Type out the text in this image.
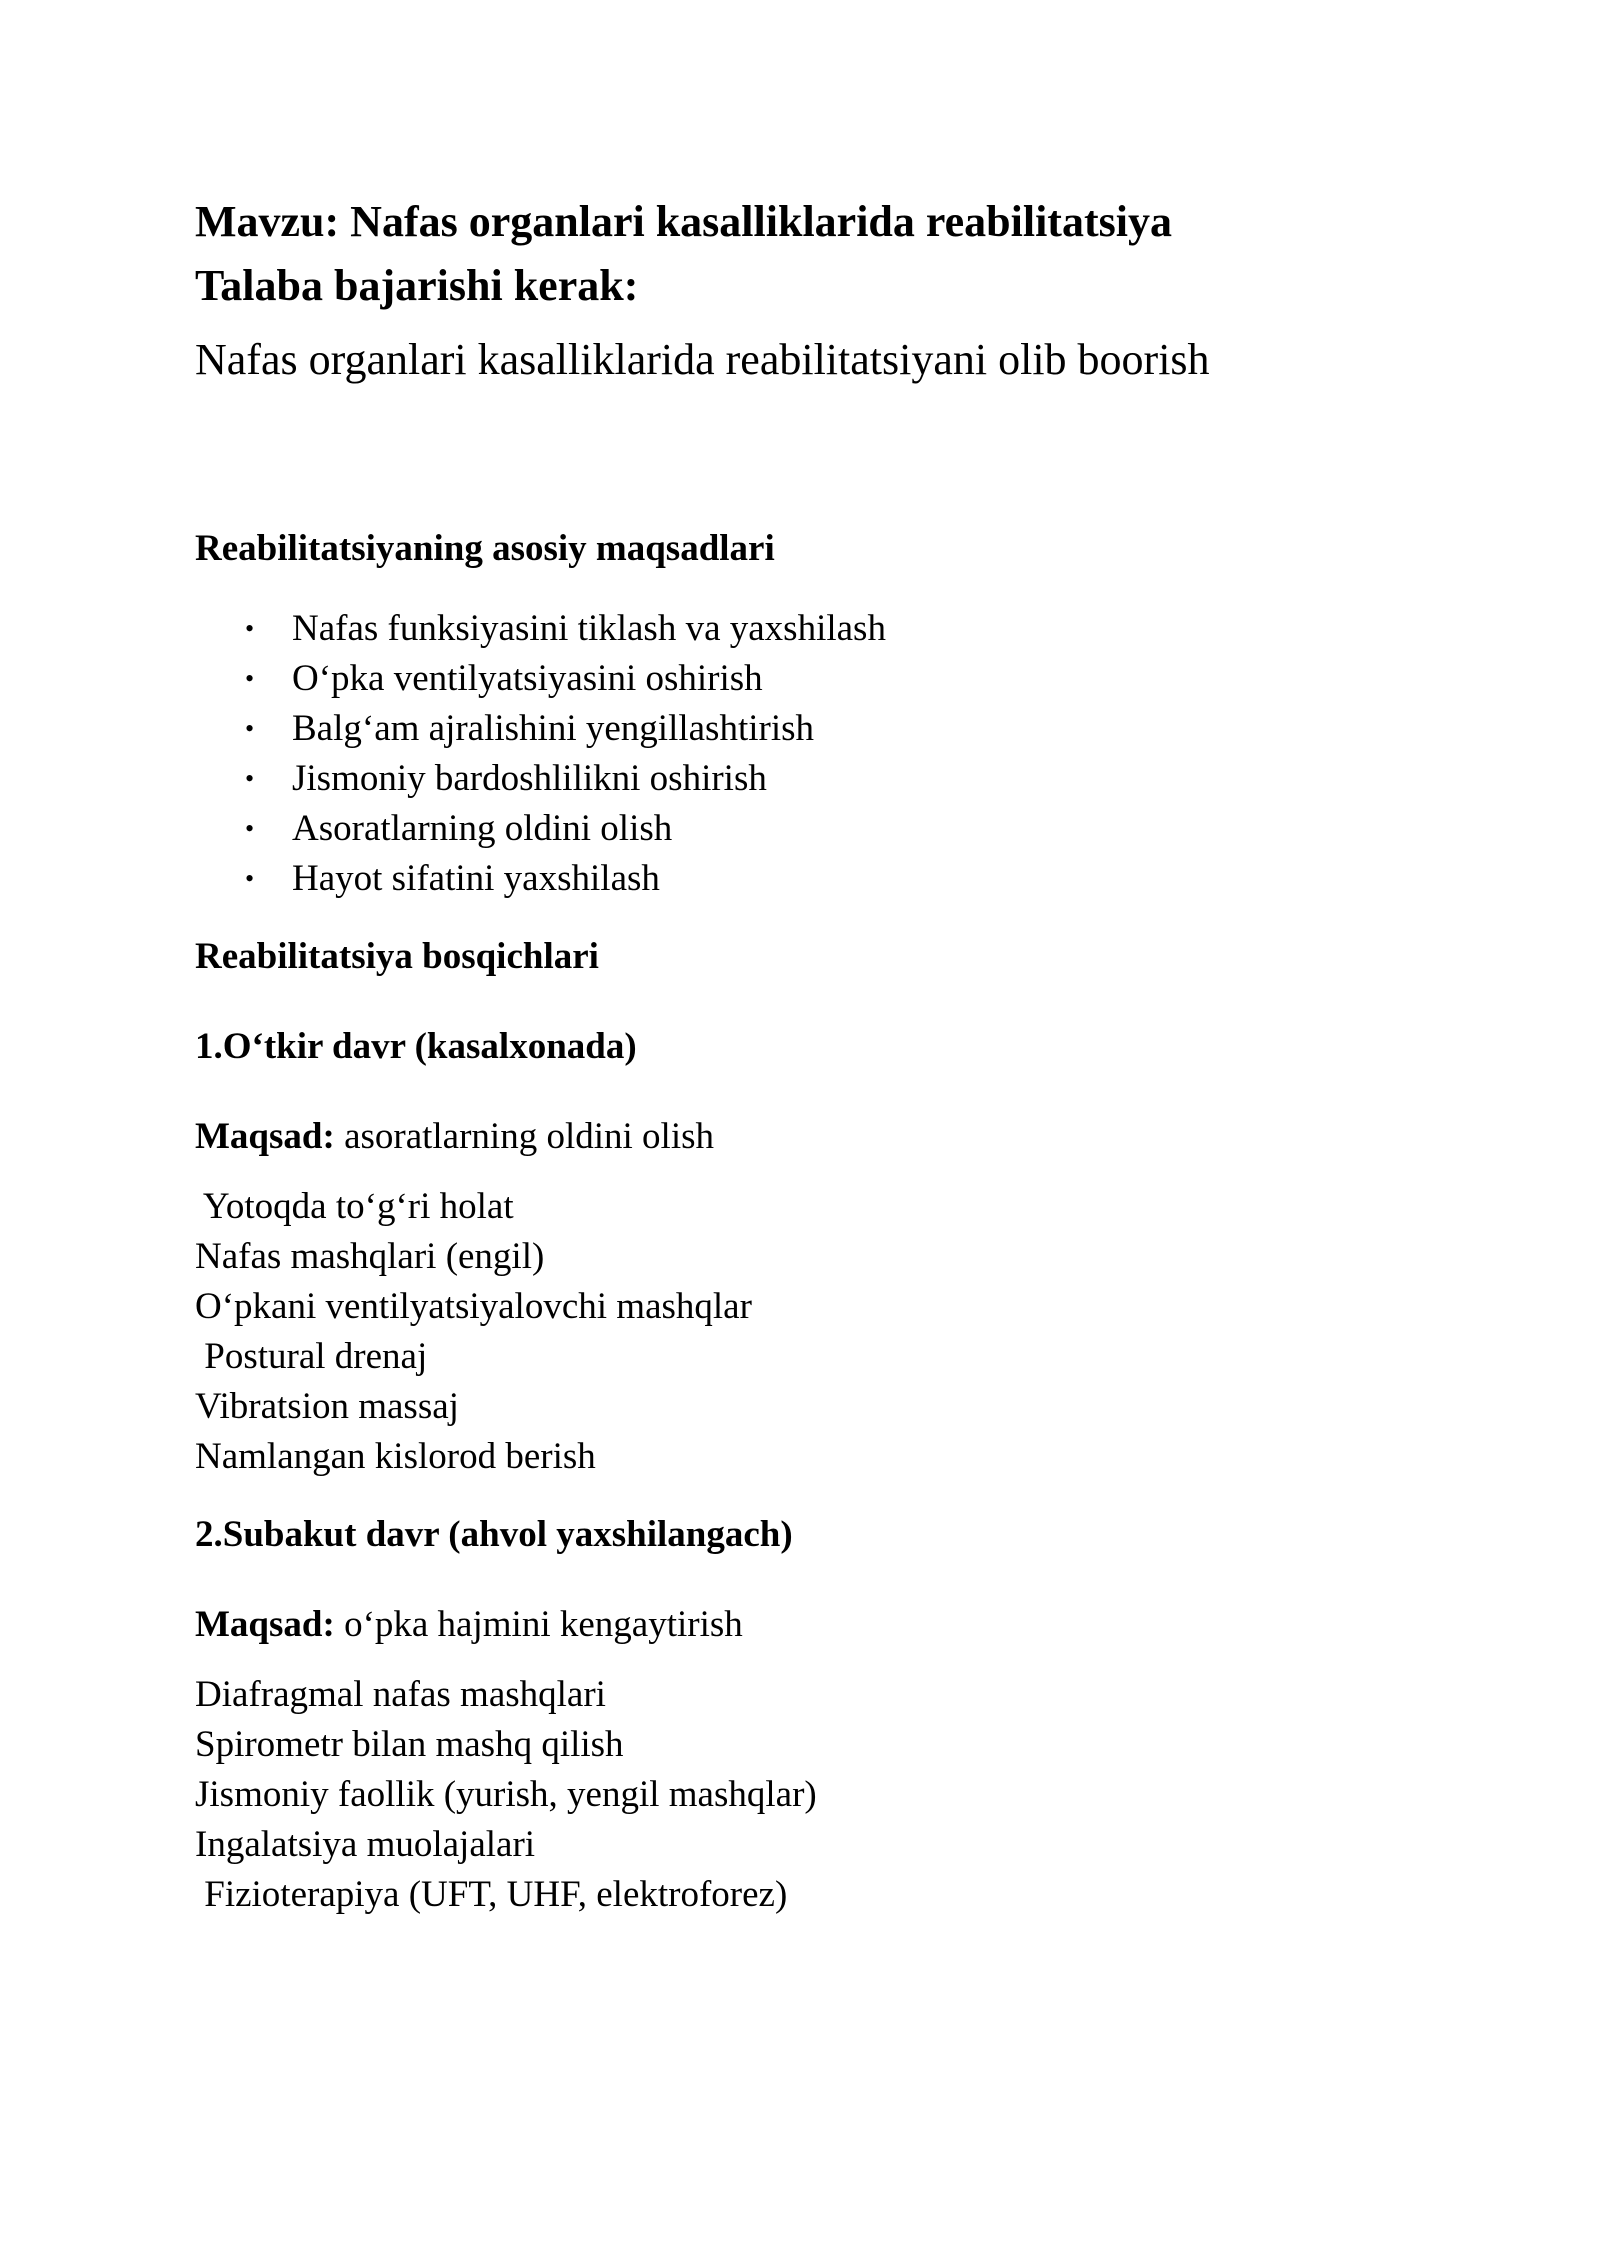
Mavzu: Nafas organlari kasalliklarida reabilitatsiya
Talaba bajarishi kerak:

Nafas organlari kasalliklarida reabilitatsiyani olib boorish

Reabilitatsiyaning asosiy maqsadlari
• Nafas funksiyasini tiklash va yaxshilash
• O‘pka ventilyatsiyasini oshirish
• Balg‘am ajralishini yengillashtirish
• Jismoniy bardoshlilikni oshirish
• Asoratlarning oldini olish
• Hayot sifatini yaxshilash
Reabilitatsiya bosqichlari
1.O‘tkir davr (kasalxonada)

Maqsad: asoratlarning oldini olish

Yotoqda to‘g‘ri holat
Nafas mashqlari (engil)
O‘pkani ventilyatsiyalovchi mashqlar
Postural drenaj
Vibratsion massaj
Namlangan kislorod berish
2.Subakut davr (ahvol yaxshilangach)

Maqsad: o‘pka hajmini kengaytirish

Diafragmal nafas mashqlari
Spirometr bilan mashq qilish
Jismoniy faollik (yurish, yengil mashqlar)
Ingalatsiya muolajalari
Fizioterapiya (UFT, UHF, elektroforez)
